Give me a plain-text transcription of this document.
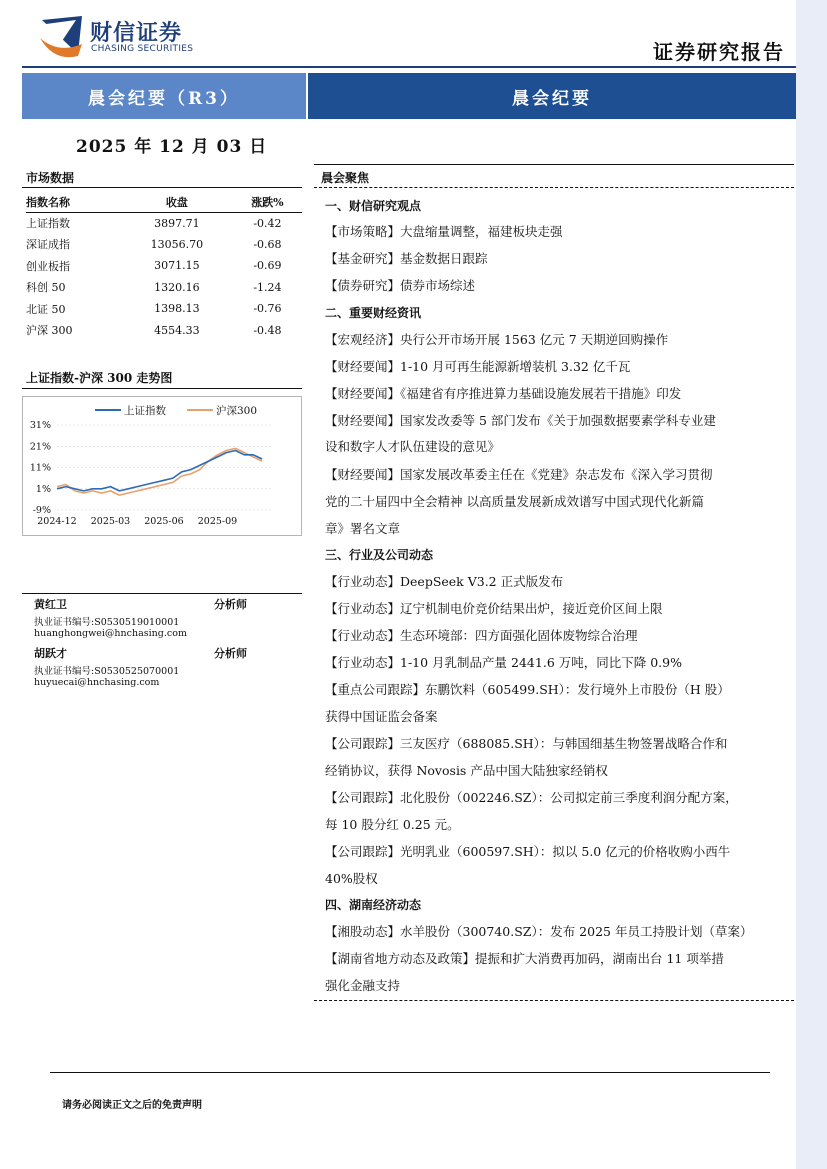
财信证券
CHASING SECURITIES	证券研究报告
晨会纪要（R3）	晨会纪要
2025 年 12 月 03 日
市场数据
指数名称	收盘	涨跌%
上证指数	3897.71	-0.42
深证成指	13056.70	-0.68
创业板指	3071.15	-0.69
科创 50	1320.16	-1.24
北证 50	1398.13	-0.76
沪深 300	4554.33	-0.48
上证指数-沪深 300 走势图
31%
21%
11%
1%
-9%
2024-12 2025-03 2025-06 2025-09
上证指数	沪深300
黄红卫	分析师
执业证书编号:S0530519010001
huanghongwei@hnchasing.com
胡跃才	分析师
执业证书编号:S0530525070001
huyuecai@hnchasing.com
晨会聚焦
一、财信研究观点
【市场策略】大盘缩量调整，福建板块走强
【基金研究】基金数据日跟踪
【债券研究】债券市场综述
二、重要财经资讯
【宏观经济】央行公开市场开展 1563 亿元 7 天期逆回购操作
【财经要闻】1-10 月可再生能源新增装机 3.32 亿千瓦
【财经要闻】《福建省有序推进算力基础设施发展若干措施》印发
【财经要闻】国家发改委等 5 部门发布《关于加强数据要素学科专业建
设和数字人才队伍建设的意见》
【财经要闻】国家发展改革委主任在《党建》杂志发布《深入学习贯彻
党的二十届四中全会精神 以高质量发展新成效谱写中国式现代化新篇
章》署名文章
三、行业及公司动态
【行业动态】DeepSeek V3.2 正式版发布
【行业动态】辽宁机制电价竞价结果出炉，接近竞价区间上限
【行业动态】生态环境部：四方面强化固体废物综合治理
【行业动态】1-10 月乳制品产量 2441.6 万吨，同比下降 0.9%
【重点公司跟踪】东鹏饮料（605499.SH）：发行境外上市股份（H 股）
获得中国证监会备案
【公司跟踪】三友医疗（688085.SH）：与韩国细基生物签署战略合作和
经销协议，获得 Novosis 产品中国大陆独家经销权
【公司跟踪】北化股份（002246.SZ）：公司拟定前三季度利润分配方案，
每 10 股分红 0.25 元。
【公司跟踪】光明乳业（600597.SH）：拟以 5.0 亿元的价格收购小西牛
40%股权
四、湖南经济动态
【湘股动态】水羊股份（300740.SZ）：发布 2025 年员工持股计划（草案）
【湖南省地方动态及政策】提振和扩大消费再加码，湖南出台 11 项举措
强化金融支持
请务必阅读正文之后的免责声明
